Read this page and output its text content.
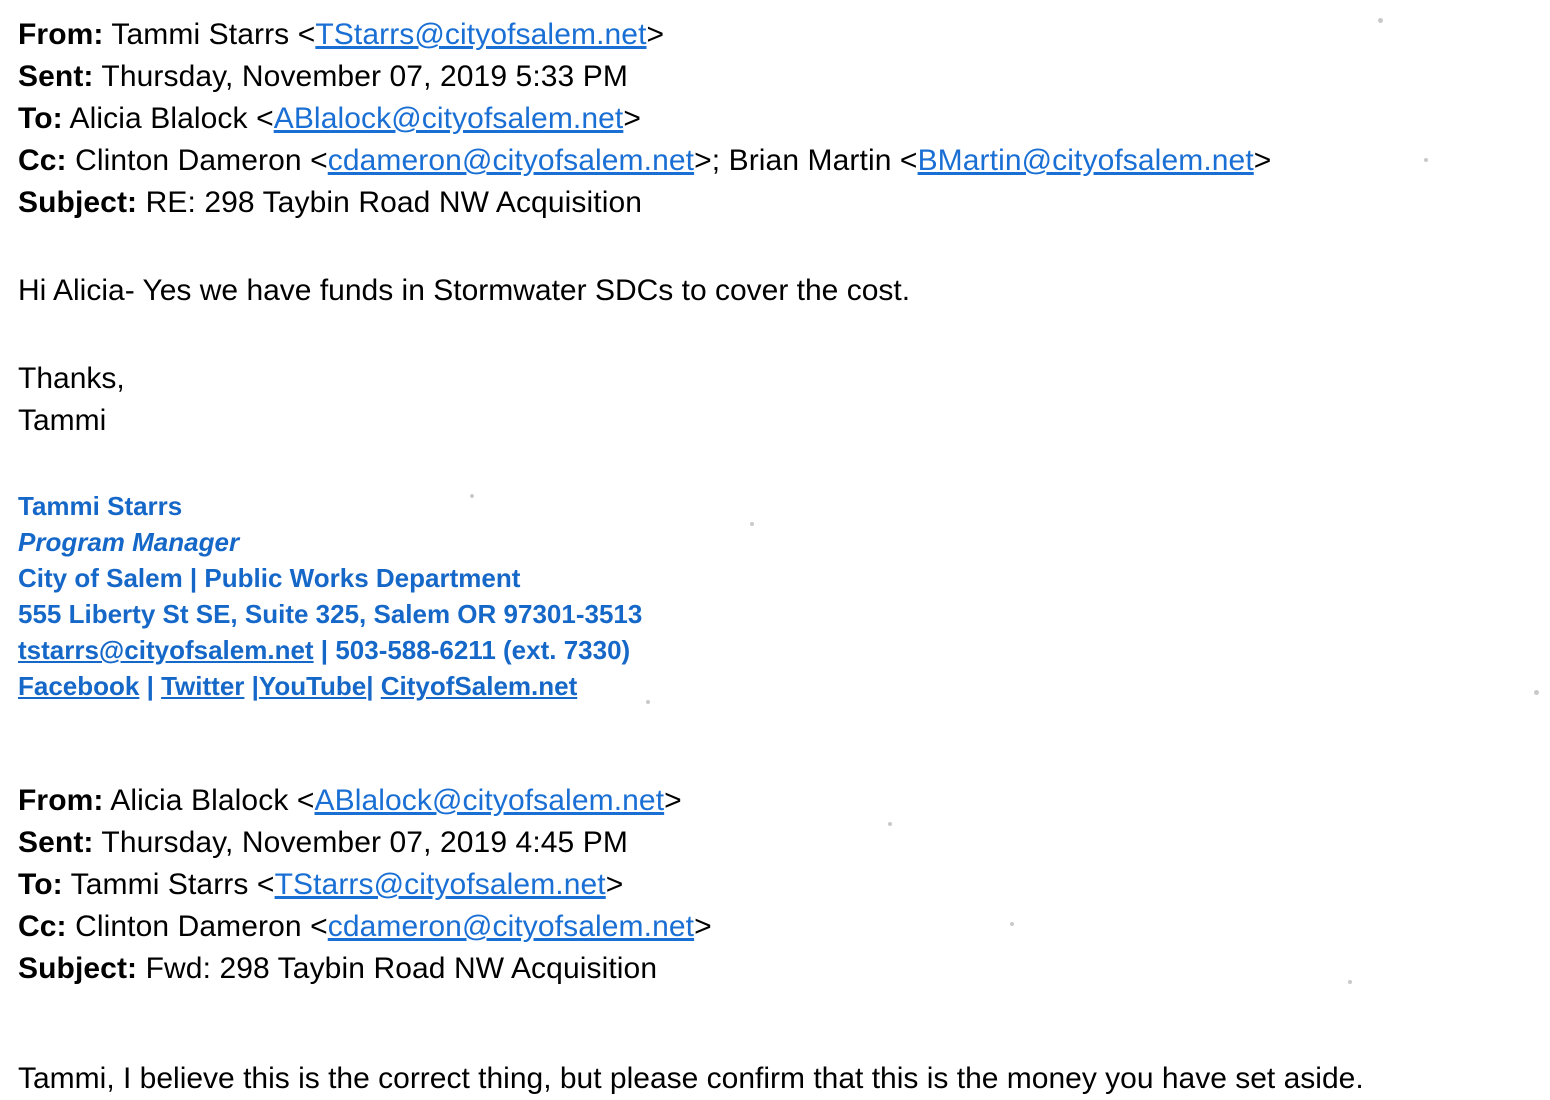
From: Tammi Starrs <TStarrs@cityofsalem.net>
Sent: Thursday, November 07, 2019 5:33 PM
To: Alicia Blalock <ABlalock@cityofsalem.net>
Cc: Clinton Dameron <cdameron@cityofsalem.net>; Brian Martin <BMartin@cityofsalem.net>
Subject: RE: 298 Taybin Road NW Acquisition
Hi Alicia- Yes we have funds in Stormwater SDCs to cover the cost.
Thanks,
Tammi
Tammi Starrs
Program Manager
City of Salem | Public Works Department
555 Liberty St SE, Suite 325, Salem OR 97301-3513
tstarrs@cityofsalem.net | 503-588-6211 (ext. 7330)
Facebook | Twitter |YouTube| CityofSalem.net
From: Alicia Blalock <ABlalock@cityofsalem.net>
Sent: Thursday, November 07, 2019 4:45 PM
To: Tammi Starrs <TStarrs@cityofsalem.net>
Cc: Clinton Dameron <cdameron@cityofsalem.net>
Subject: Fwd: 298 Taybin Road NW Acquisition
Tammi, I believe this is the correct thing, but please confirm that this is the money you have set aside.
